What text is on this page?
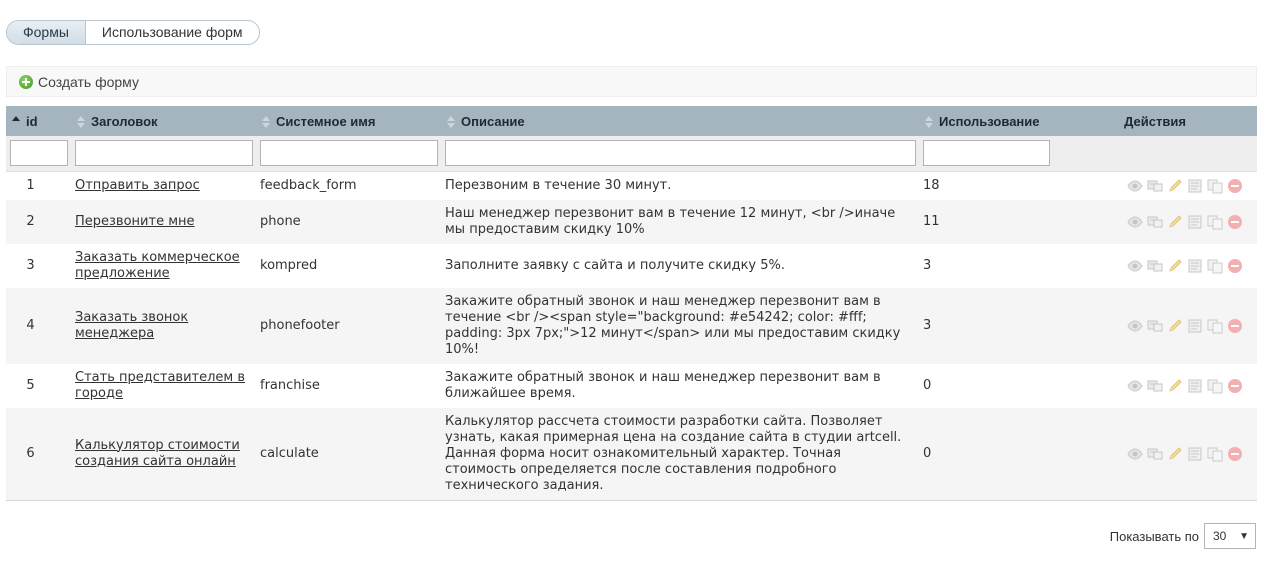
Формы	Использование форм
Создать форму
id	Заголовок	Системное имя	Описание	Использование	Действия

1	Отправить запрос	feedback_form	Перезвоним в течение 30 минут.	18	

2	Перезвоните мне	phone	Наш менеджер перезвонит вам в течение 12 минут, <br />иначе мы предоставим скидку 10%	11	

3	Заказать коммерческое предложение	kompred	Заполните заявку с сайта и получите скидку 5%.	3	

4	Заказать звонок менеджера	phonefooter	Закажите обратный звонок и наш менеджер перезвонит вам в течение <br /><span style="background: #e54242; color: #fff; padding: 3px 7px;">12 минут</span> или мы предоставим скидку 10%!	3	

5	Стать представителем в городе	franchise	Закажите обратный звонок и наш менеджер перезвонит вам в ближайшее время.	0	

6	Калькулятор стоимости создания сайта онлайн	calculate	Калькулятор рассчета стоимости разработки сайта. Позволяет узнать, какая примерная цена на создание сайта в студии artcell. Данная форма носит ознакомительный характер. Точная стоимость определяется после составления подробного технического задания.	0	
Показывать по 30 ▼
